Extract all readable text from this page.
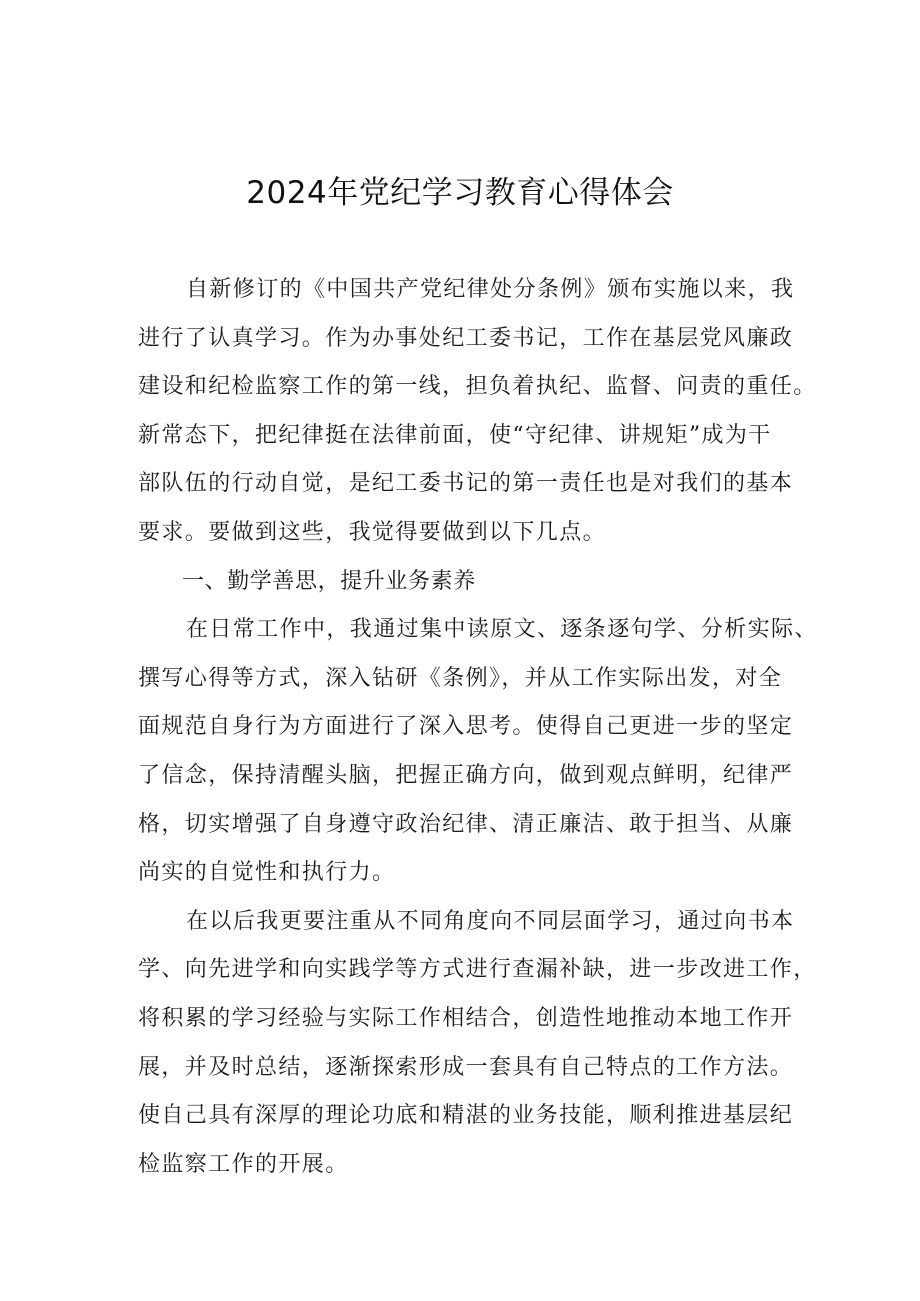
2024年党纪学习教育心得体会
自新修订的《中国共产党纪律处分条例》颁布实施以来，我
进行了认真学习。作为办事处纪工委书记，工作在基层党风廉政
建设和纪检监察工作的第一线，担负着执纪、监督、问责的重任。
新常态下，把纪律挺在法律前面，使“守纪律、讲规矩”成为干
部队伍的行动自觉，是纪工委书记的第一责任也是对我们的基本
要求。要做到这些，我觉得要做到以下几点。
一、勤学善思，提升业务素养
在日常工作中，我通过集中读原文、逐条逐句学、分析实际、
撰写心得等方式，深入钻研《条例》，并从工作实际出发，对全
面规范自身行为方面进行了深入思考。使得自己更进一步的坚定
了信念，保持清醒头脑，把握正确方向，做到观点鲜明，纪律严
格，切实增强了自身遵守政治纪律、清正廉洁、敢于担当、从廉
尚实的自觉性和执行力。
在以后我更要注重从不同角度向不同层面学习，通过向书本
学、向先进学和向实践学等方式进行查漏补缺，进一步改进工作，
将积累的学习经验与实际工作相结合，创造性地推动本地工作开
展，并及时总结，逐渐探索形成一套具有自己特点的工作方法。
使自己具有深厚的理论功底和精湛的业务技能，顺利推进基层纪
检监察工作的开展。
